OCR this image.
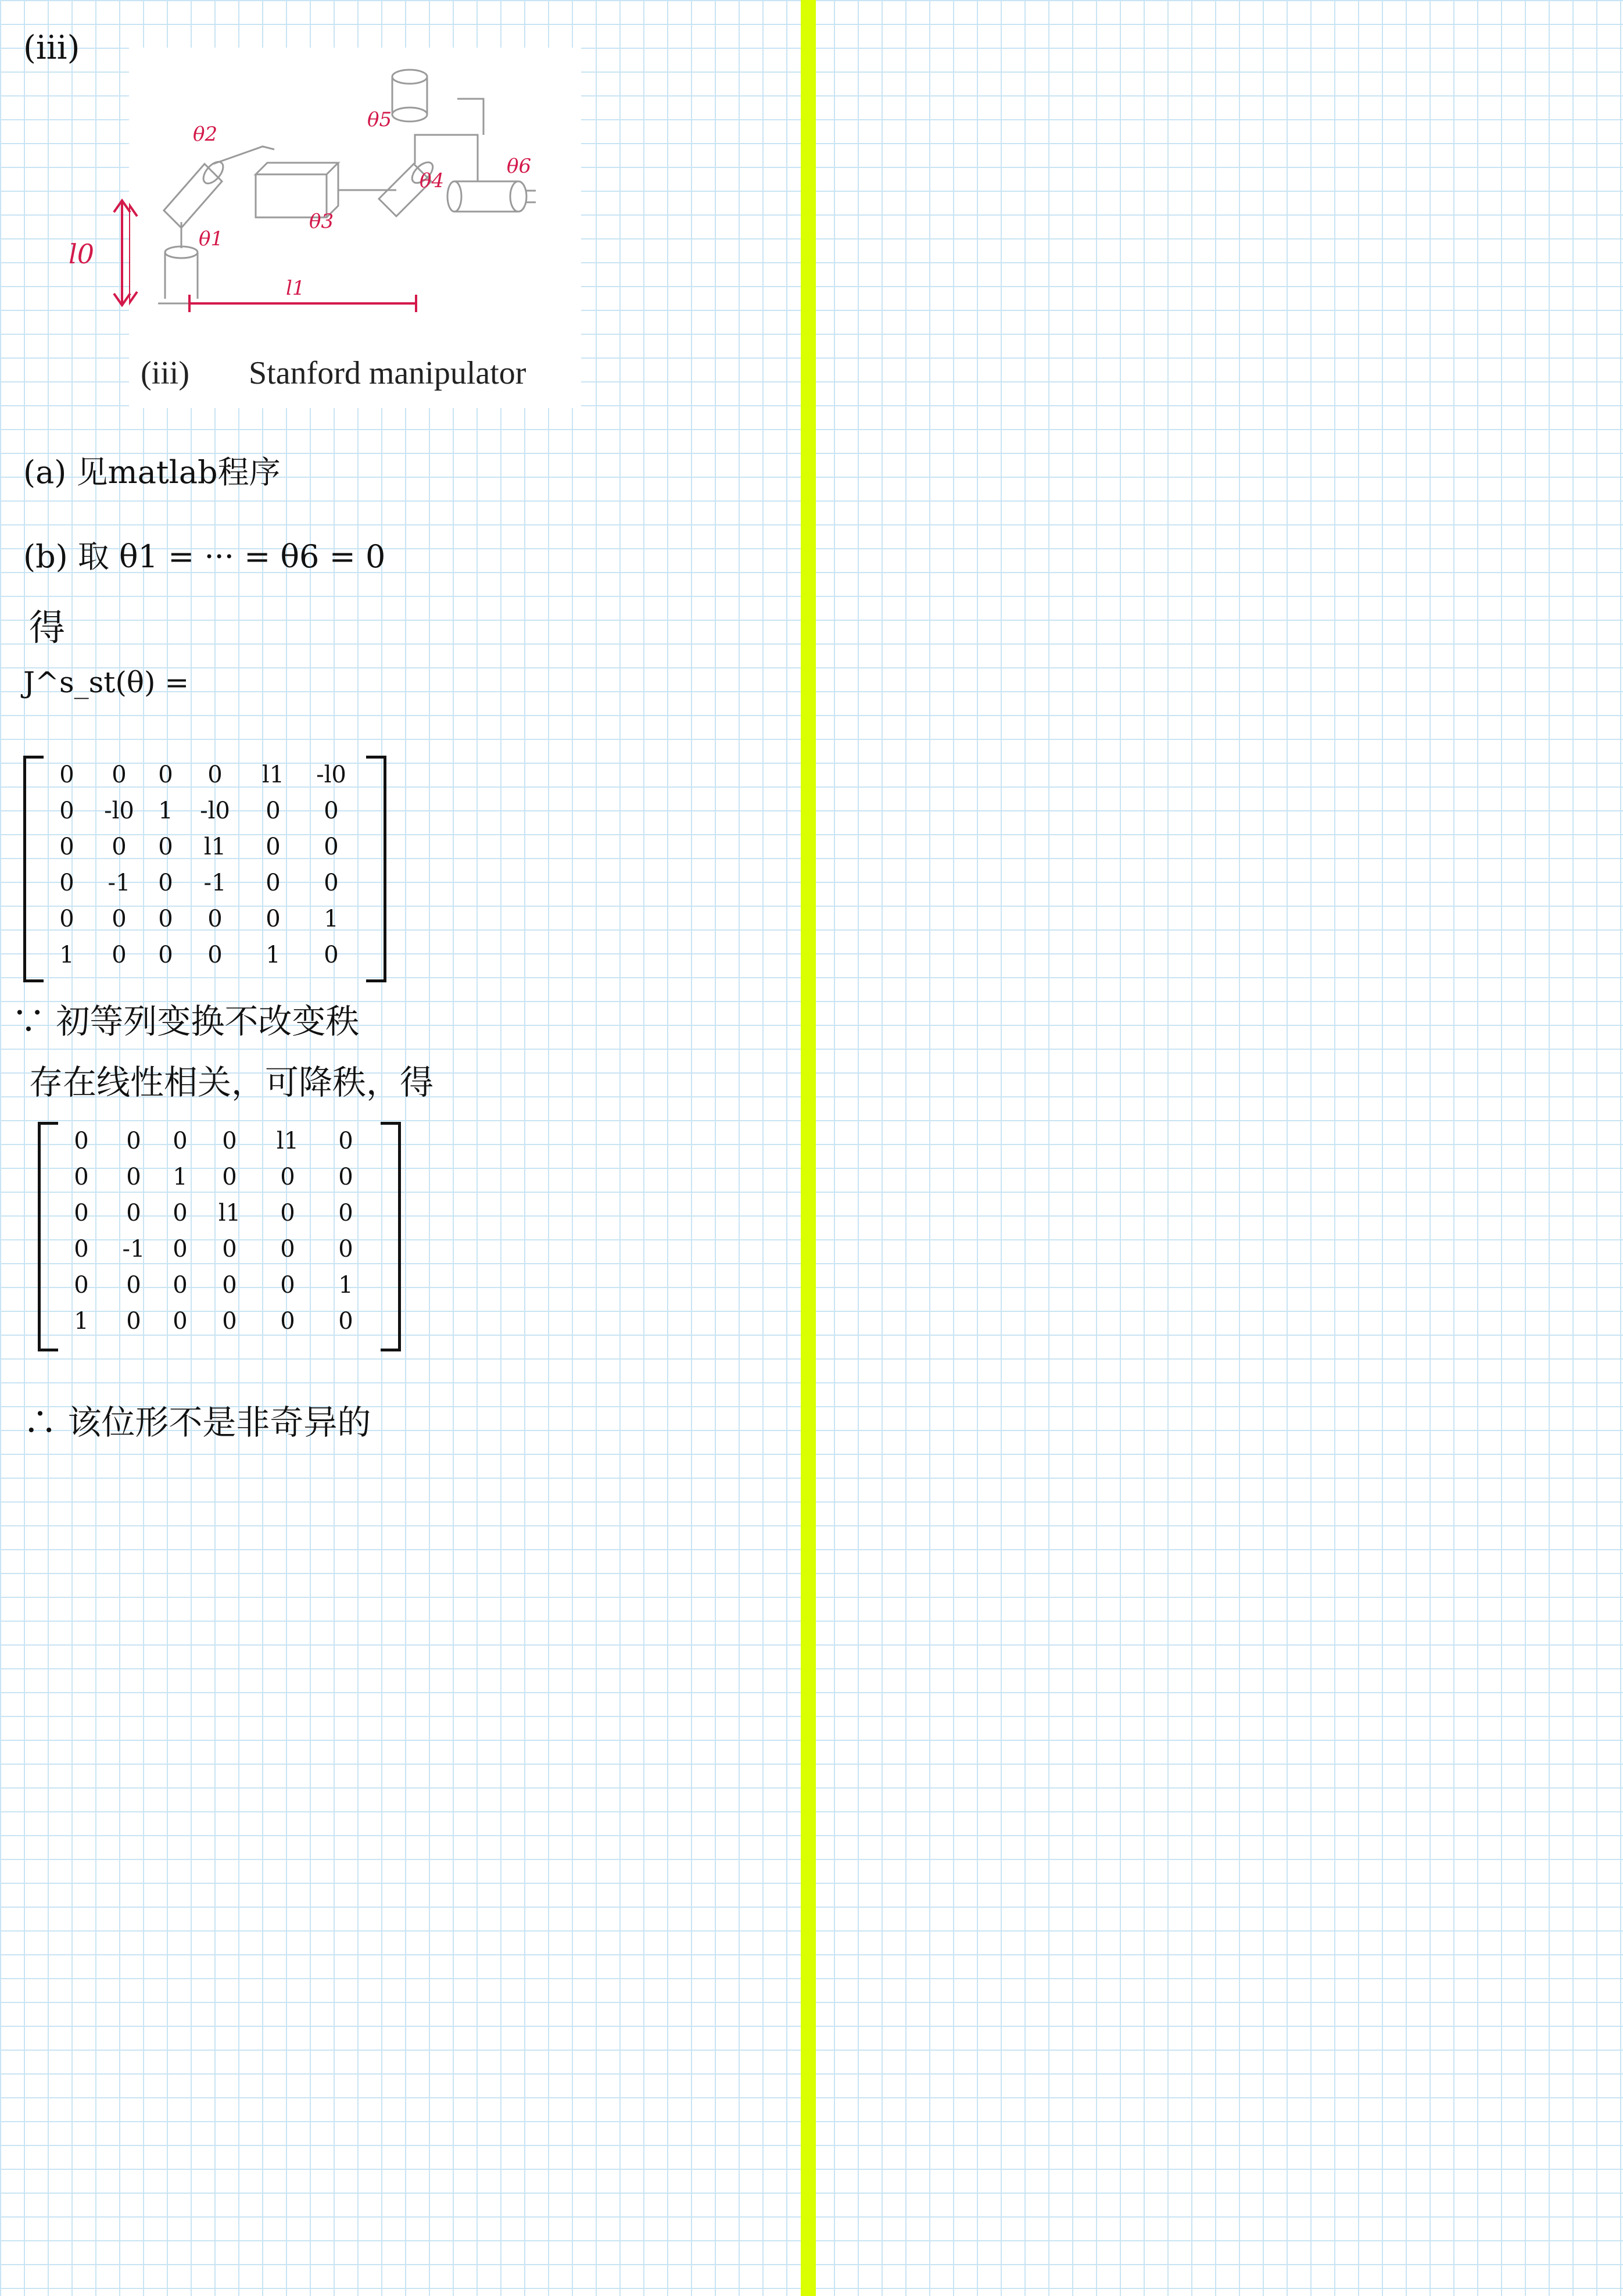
(iii)
θ2
θ1
θ3
θ4
θ5
θ6
l1
(iii) Stanford manipulator
l0
(a) 见matlab程序
(b) 取 θ1 = ··· = θ6 = 0
得
J^s_st(θ) =
0	0	0	0	l1	-l0
0	-l0	1	-l0	0	0
0	0	0	l1	0	0
0	-1	0	-1	0	0
0	0	0	0	0	1
1	0	0	0	1	0
∵ 初等列变换不改变秩
存在线性相关，可降秩，得
0	0	0	0	l1	0
0	0	1	0	0	0
0	0	0	l1	0	0
0	-1	0	0	0	0
0	0	0	0	0	1
1	0	0	0	0	0
∴ 该位形不是非奇异的
